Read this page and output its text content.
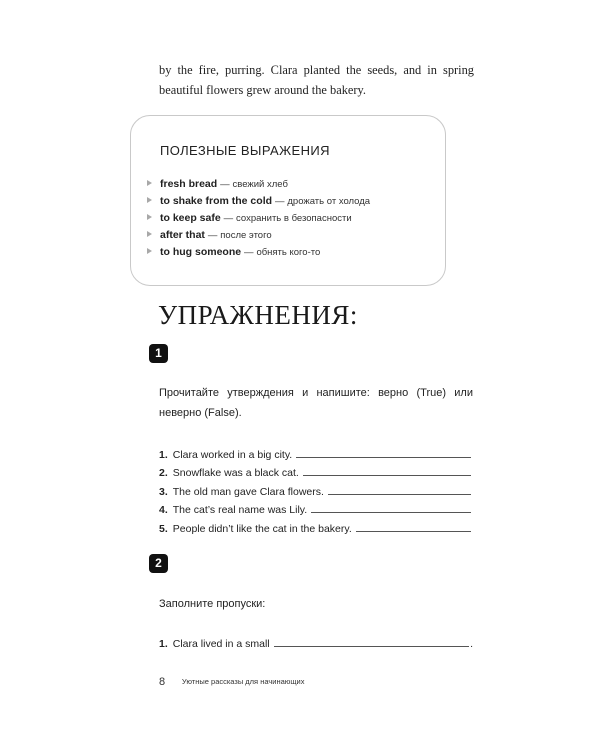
by the fire, purring. Clara planted the seeds, and in spring beautiful flowers grew around the bakery.
ПОЛЕЗНЫЕ ВЫРАЖЕНИЯ
fresh bread — свежий хлеб
to shake from the cold — дрожать от холода
to keep safe — сохранить в безопасности
after that — после этого
to hug someone — обнять кого-то
УПРАЖНЕНИЯ:
1
Прочитайте утверждения и напишите: верно (True) или неверно (False).
1. Clara worked in a big city.
2. Snowflake was a black cat.
3. The old man gave Clara flowers.
4. The cat’s real name was Lily.
5. People didn’t like the cat in the bakery.
2
Заполните пропуски:
1. Clara lived in a small	.
8 Уютные рассказы для начинающих
